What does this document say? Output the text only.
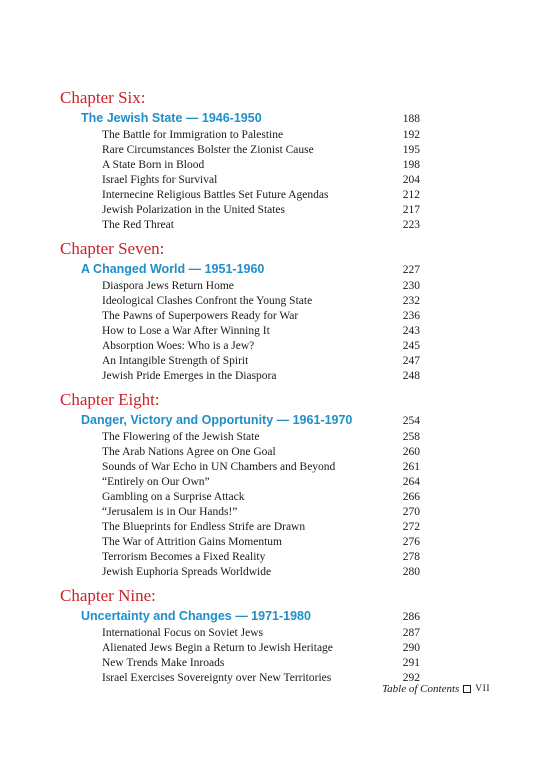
Chapter Six:
The Jewish State — 1946-1950	188
The Battle for Immigration to Palestine	192
Rare Circumstances Bolster the Zionist Cause	195
A State Born in Blood	198
Israel Fights for Survival	204
Internecine Religious Battles Set Future Agendas	212
Jewish Polarization in the United States	217
The Red Threat	223
Chapter Seven:
A Changed World — 1951-1960	227
Diaspora Jews Return Home	230
Ideological Clashes Confront the Young State	232
The Pawns of Superpowers Ready for War	236
How to Lose a War After Winning It	243
Absorption Woes: Who is a Jew?	245
An Intangible Strength of Spirit	247
Jewish Pride Emerges in the Diaspora	248
Chapter Eight:
Danger, Victory and Opportunity — 1961-1970	254
The Flowering of the Jewish State	258
The Arab Nations Agree on One Goal	260
Sounds of War Echo in UN Chambers and Beyond	261
“Entirely on Our Own”	264
Gambling on a Surprise Attack	266
“Jerusalem is in Our Hands!”	270
The Blueprints for Endless Strife are Drawn	272
The War of Attrition Gains Momentum	276
Terrorism Becomes a Fixed Reality	278
Jewish Euphoria Spreads Worldwide	280
Chapter Nine:
Uncertainty and Changes — 1971-1980	286
International Focus on Soviet Jews	287
Alienated Jews Begin a Return to Jewish Heritage	290
New Trends Make Inroads	291
Israel Exercises Sovereignty over New Territories	292
Table of Contents VII
